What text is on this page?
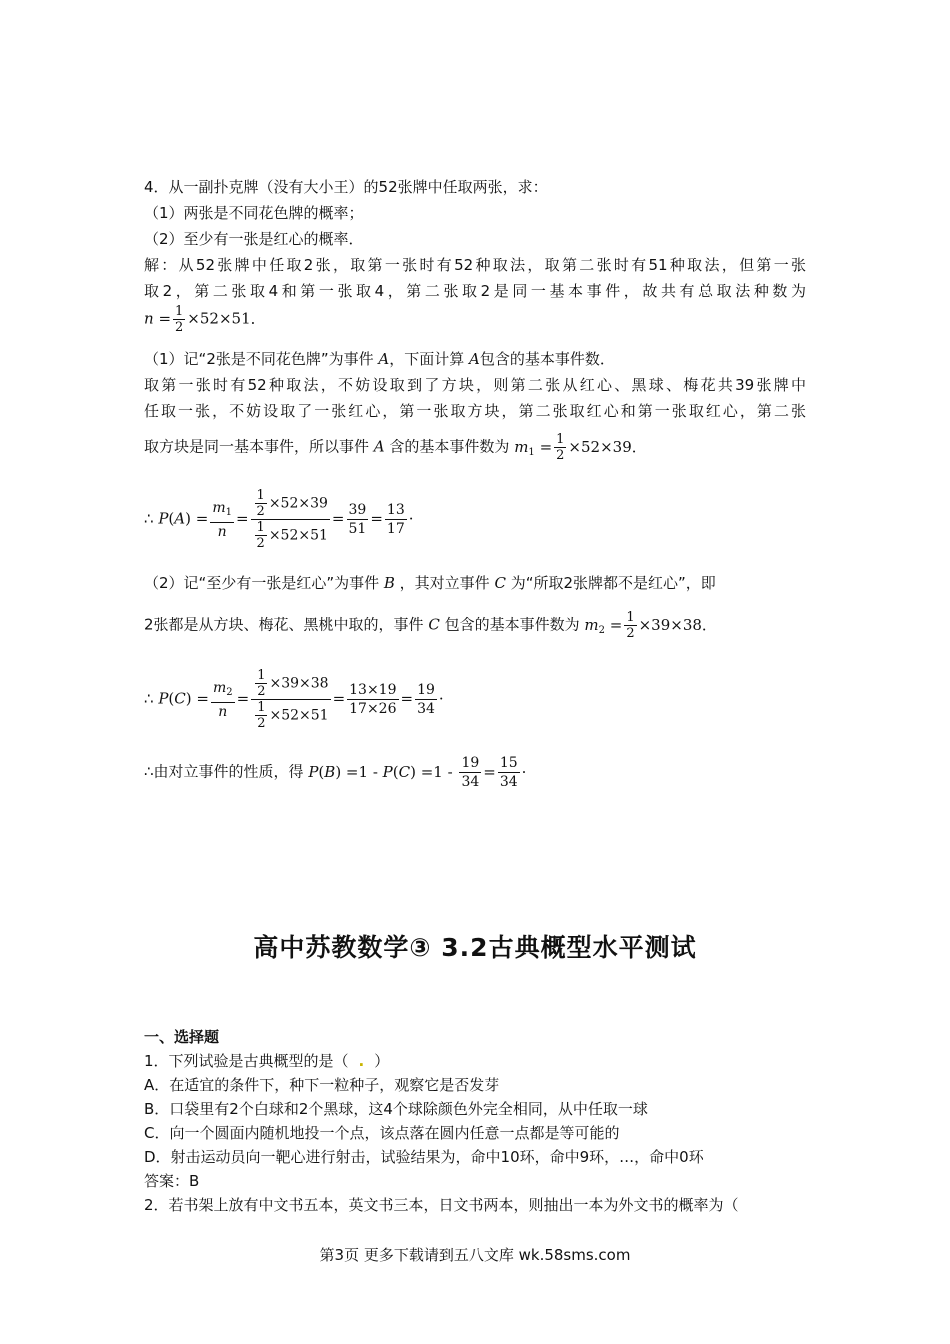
4．从一副扑克牌（没有大小王）的52张牌中任取两张，求：
（1）两张是不同花色牌的概率；
（2）至少有一张是红心的概率．
解：从52张牌中任取2张，取第一张时有52种取法，取第二张时有51种取法，但第一张
取2，第二张取4和第一张取4，第二张取2是同一基本事件，故共有总取法种数为
$n = \frac{1}{2} \times 52\times 51$．
（1）记“2张是不同花色牌”为事件 A，下面计算 A包含的基本事件数．
取第一张时有52种取法，不妨设取到了方块，则第二张从红心、黑球、梅花共39张牌中
任取一张，不妨设取了一张红心，第一张取方块，第二张取红心和第一张取红心，第二张
取方块是同一基本事件，所以事件 A 含的基本事件数为 $m_1 = \frac{1}{2} \times 52\times 39$．
∴ $P(A) = \frac{m_1}{n} = \frac{\frac{1}{2} \times 52\times 39}{\frac{1}{2} \times 52\times 51} = \frac{39}{51} = \frac{13}{17}$ ·
（2）记“至少有一张是红心”为事件 B ，其对立事件 C 为“所取2张牌都不是红心”，即
2张都是从方块、梅花、黑桃中取的，事件 C 包含的基本事件数为 $m_2 = \frac{1}{2} \times 39\times 38$．
∴ $P(C) = \frac{m_2}{n} = \frac{\frac{1}{2} \times 39\times 38}{\frac{1}{2} \times 52\times 51} = \frac{13\times 19}{17\times 26} = \frac{19}{34}$ ·
∴由对立事件的性质，得 $P(B) =1 - P(C) =1 - \frac{19}{34} = \frac{15}{34}$ ·
高中苏教数学③ 3.2古典概型水平测试
一、选择题
1．下列试验是古典概型的是（ . ）
A．在适宜的条件下，种下一粒种子，观察它是否发芽
B．口袋里有2个白球和2个黑球，这4个球除颜色外完全相同，从中任取一球
C．向一个圆面内随机地投一个点，该点落在圆内任意一点都是等可能的
D．射击运动员向一靶心进行射击，试验结果为，命中10环，命中9环，…，命中0环
答案：B
2．若书架上放有中文书五本，英文书三本，日文书两本，则抽出一本为外文书的概率为（
第3页 更多下载请到五八文库 wk.58sms.com
